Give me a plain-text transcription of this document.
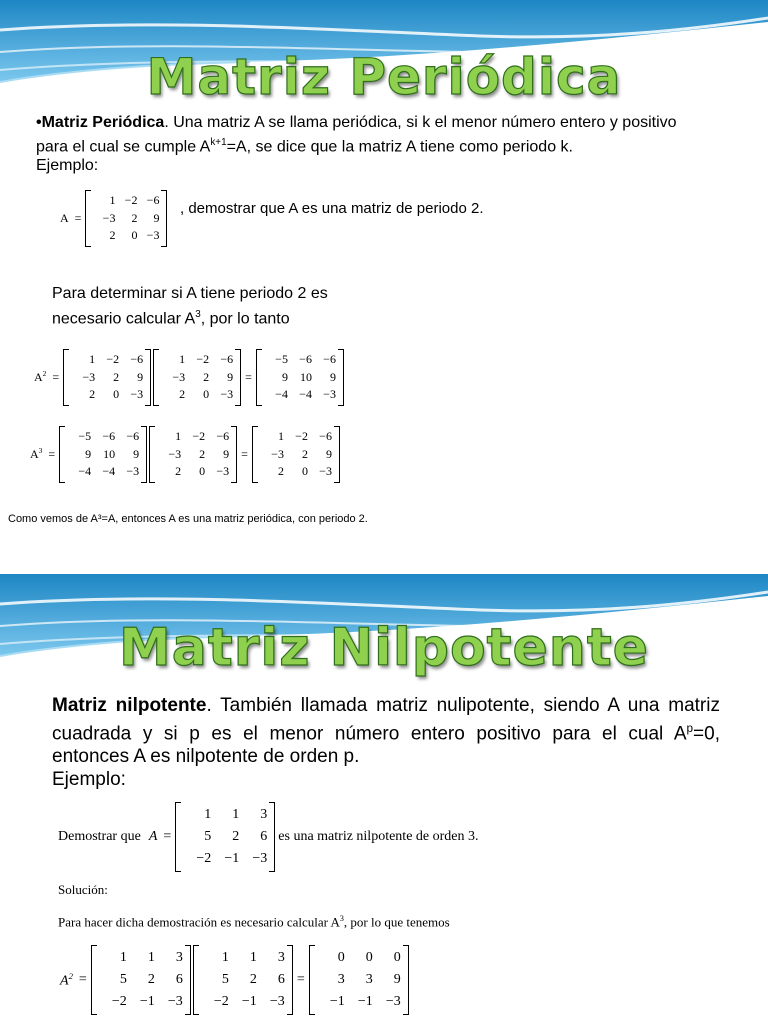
Matriz Periódica

•Matriz Periódica. Una matriz A se llama periódica, si k el menor número entero y positivo
para el cual se cumple $A^{k+1}=A$, se dice que la matriz A tiene como periodo k.
Ejemplo:

A =
1 −2 −6
−3	2	9
2	0 −3
, demostrar que A es una matriz de periodo 2.

Para determinar si A tiene periodo 2 es
necesario calcular $A^3$, por lo tanto

$A^2$ =
1 −2 −6
−3	2	9
2	0 −3
1 −2 −6
−3	2	9
2	0 −3
=
−5 −6 −6
9	10	9
−4 −4 −3
$A^3$ =
−5 −6 −6
9	10	9
−4 −4 −3
1 −2 −6
−3	2	9
2	0 −3
=
1 −2 −6
−3	2	9
2	0 −3

Como vemos de A³=A, entonces A es una matriz periódica, con periodo 2.

Matriz Nilpotente

Matriz nilpotente. También llamada matriz nulipotente, siendo A una matriz
cuadrada y si p es el menor número entero positivo para el cual $A^p=0$,
entonces A es nilpotente de orden p.
Ejemplo:

Demostrar que A =
1	1	3
5	2	6
−2 −1 −3
es una matriz nilpotente de orden 3.

Solución:

Para hacer dicha demostración es necesario calcular $A^3$, por lo que tenemos

$A^2$ =
1	1	3
5	2	6
−2 −1 −3
1	1	3
5	2	6
−2 −1 −3
=
0	0	0
3	3	9
−1 −1 −3
